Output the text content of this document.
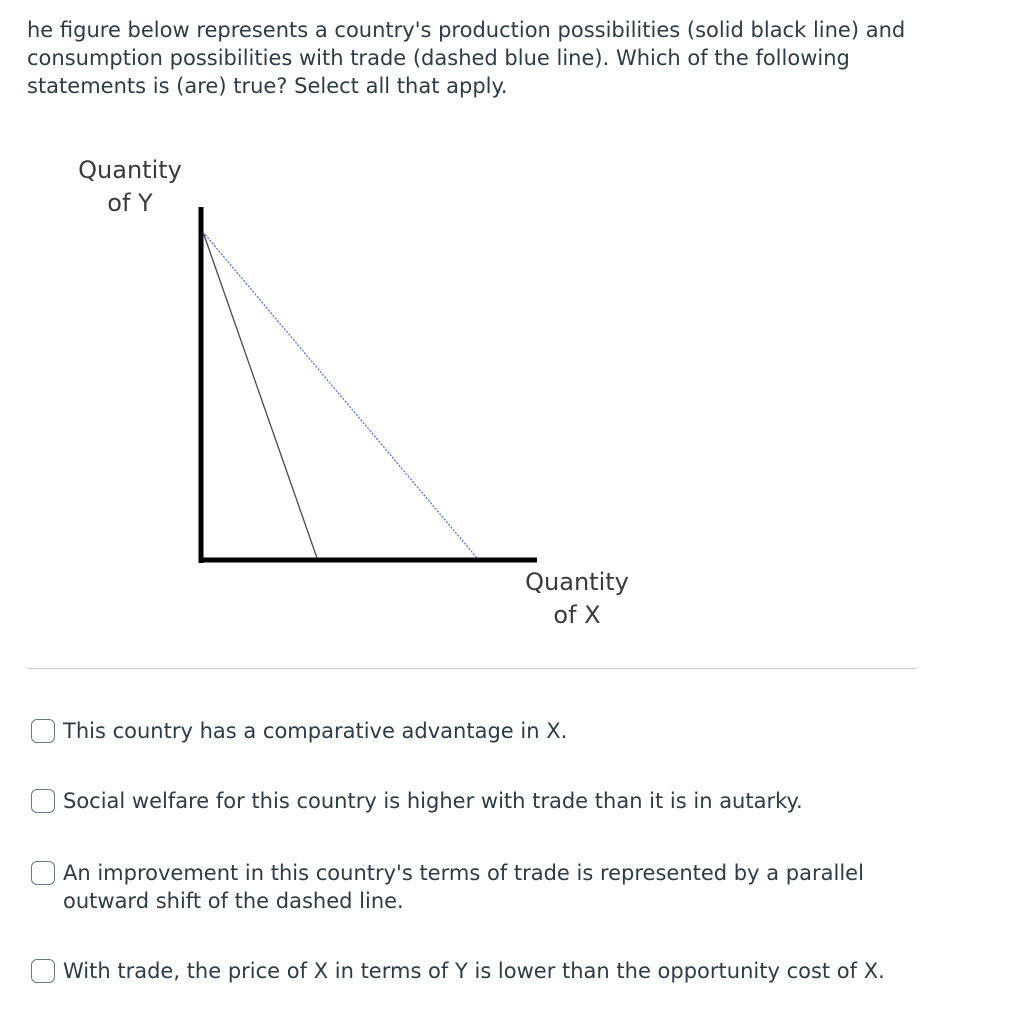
he figure below represents a country's production possibilities (solid black line) and consumption possibilities with trade (dashed blue line). Which of the following statements is (are) true? Select all that apply.

Quantity
of Y
Quantity
of X
This country has a comparative advantage in X.
Social welfare for this country is higher with trade than it is in autarky.
An improvement in this country's terms of trade is represented by a parallel outward shift of the dashed line.
With trade, the price of X in terms of Y is lower than the opportunity cost of X.
